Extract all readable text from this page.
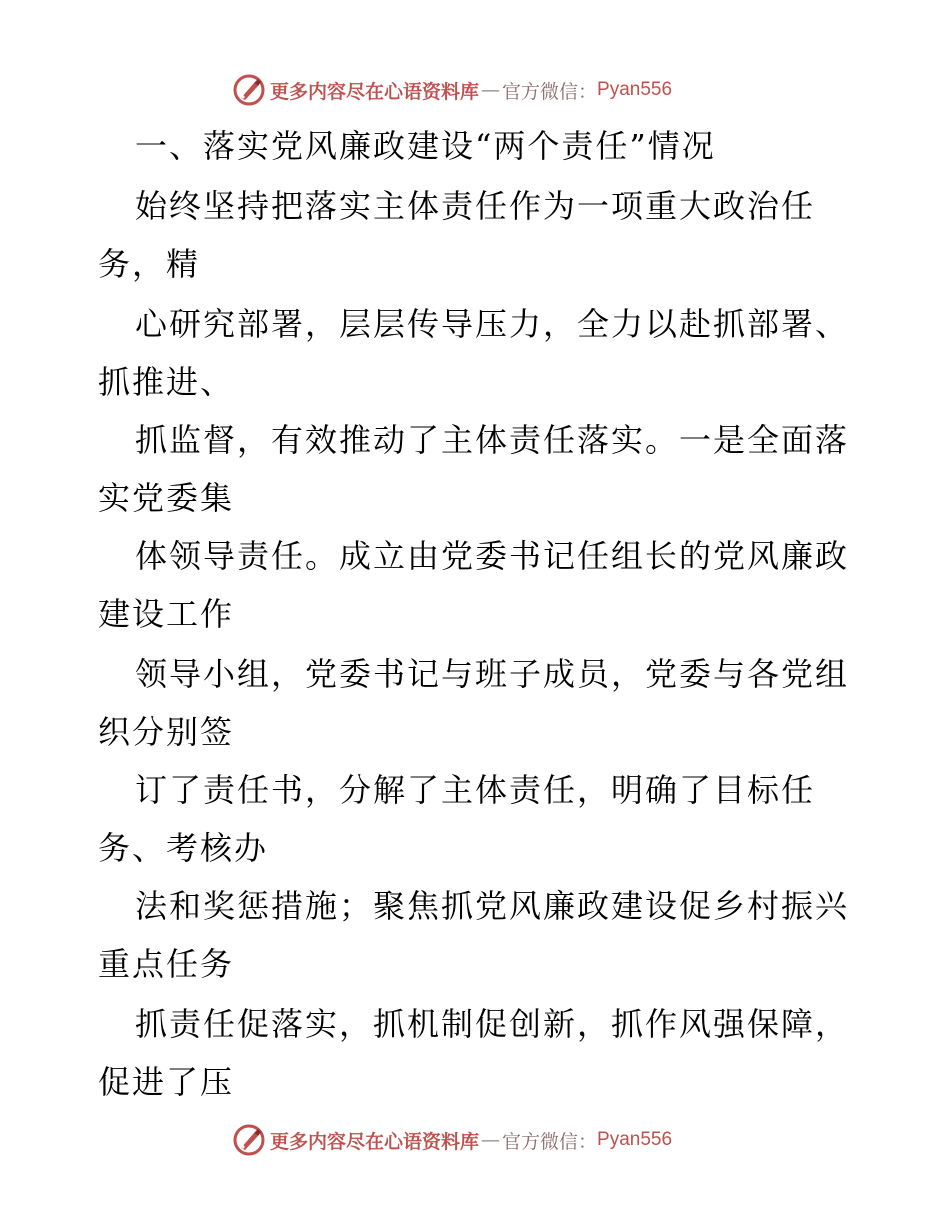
更多内容尽在心语资料库 — 官方微信： Pyan556
一、落实党风廉政建设“两个责任”情况
始终坚持把落实主体责任作为一项重大政治任
务，精
心研究部署，层层传导压力，全力以赴抓部署、
抓推进、
抓监督，有效推动了主体责任落实。一是全面落
实党委集
体领导责任。成立由党委书记任组长的党风廉政
建设工作
领导小组，党委书记与班子成员，党委与各党组
织分别签
订了责任书，分解了主体责任，明确了目标任
务、考核办
法和奖惩措施；聚焦抓党风廉政建设促乡村振兴
重点任务
抓责任促落实，抓机制促创新，抓作风强保障，
促进了压
更多内容尽在心语资料库 — 官方微信： Pyan556
